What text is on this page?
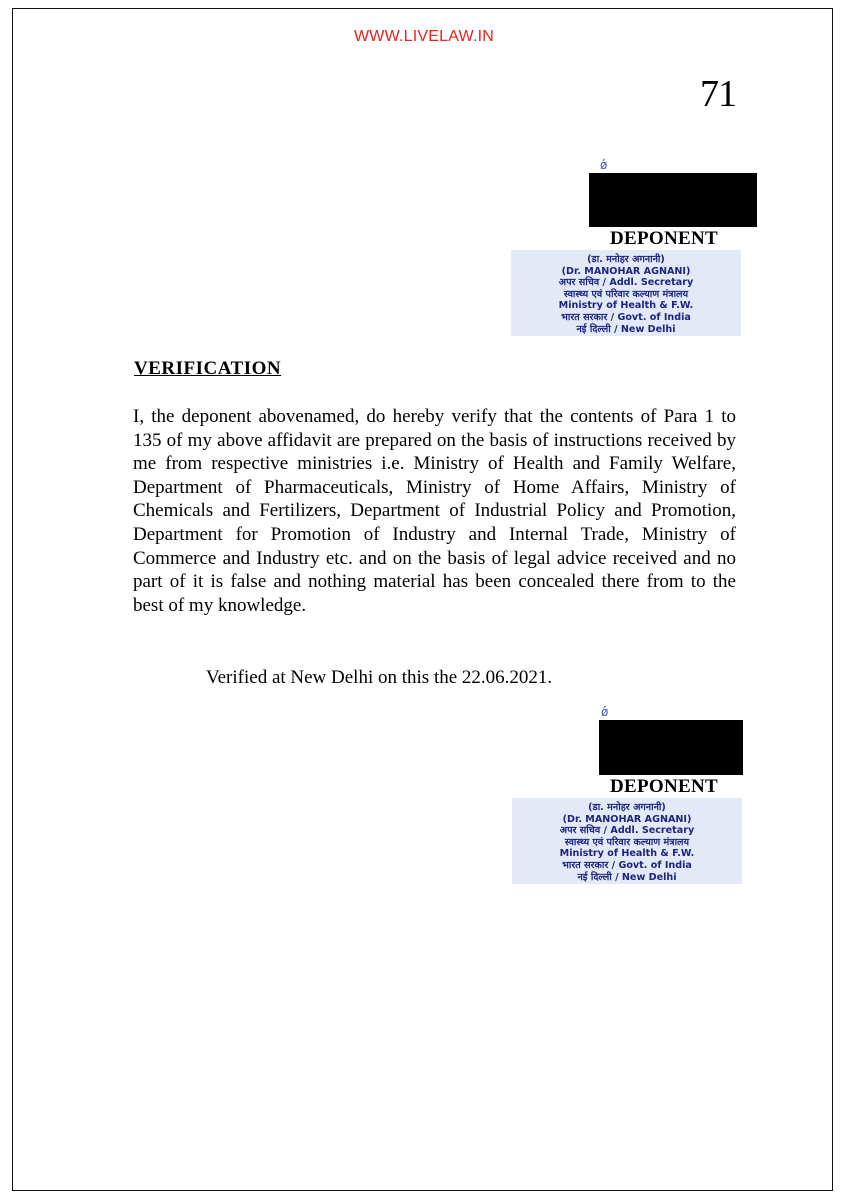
WWW.LIVELAW.IN
71
ǿ
DEPONENT
(डा. मनोहर अगनानी)
(Dr. MANOHAR AGNANI)
अपर सचिव / Addl. Secretary
स्वास्थ्य एवं परिवार कल्याण मंत्रालय
Ministry of Health & F.W.
भारत सरकार / Govt. of India
नई दिल्ली / New Delhi
VERIFICATION
I, the deponent abovenamed, do hereby verify that the contents of Para 1 to 135 of my above affidavit are prepared on the basis of instructions received by me from respective ministries i.e. Ministry of Health and Family Welfare, Department of Pharmaceuticals, Ministry of Home Affairs, Ministry of Chemicals and Fertilizers, Department of Industrial Policy and Promotion, Department for Promotion of Industry and Internal Trade, Ministry of Commerce and Industry etc. and on the basis of legal advice received and no part of it is false and nothing material has been concealed there from to the best of my knowledge.
Verified at New Delhi on this the 22.06.2021.
ǿ
DEPONENT
(डा. मनोहर अगनानी)
(Dr. MANOHAR AGNANI)
अपर सचिव / Addl. Secretary
स्वास्थ्य एवं परिवार कल्याण मंत्रालय
Ministry of Health & F.W.
भारत सरकार / Govt. of India
नई दिल्ली / New Delhi
